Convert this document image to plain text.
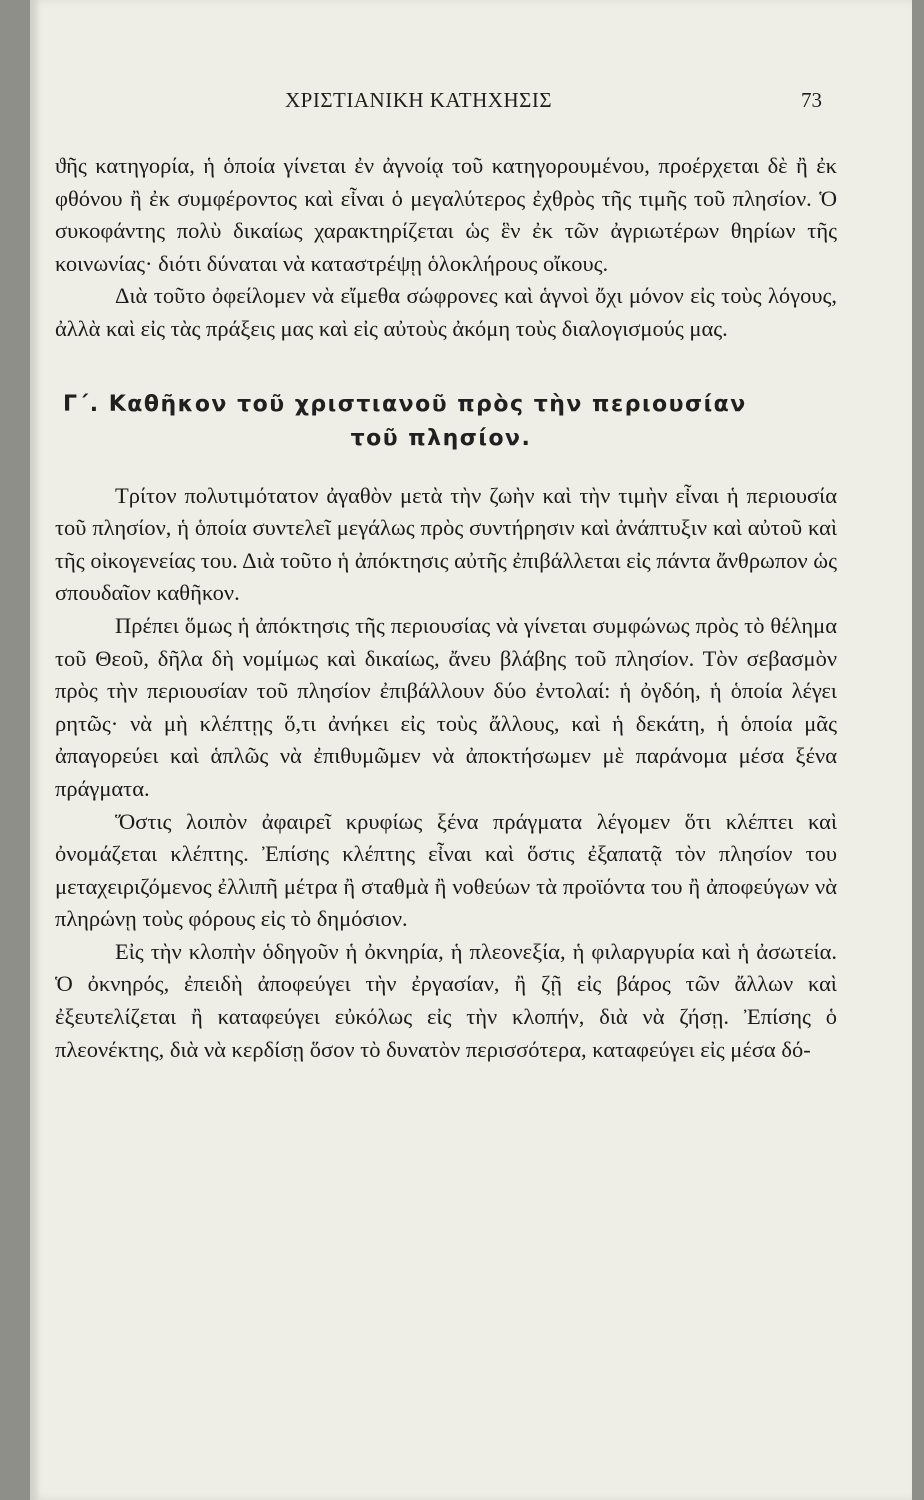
ΧΡΙΣΤΙΑΝΙΚΗ ΚΑΤΗΧΗΣΙΣ	73

ϑῆς κατηγορία, ἡ ὁποία γίνεται ἐν ἀγνοίᾳ τοῦ κατηγορουμένου, προέρχεται δὲ ἢ ἐκ φθόνου ἢ ἐκ συμφέροντος καὶ εἶναι ὁ μεγαλύτερος ἐχθρὸς τῆς τιμῆς τοῦ πλησίον. Ὁ συκοφάντης πολὺ δικαίως χαρακτηρίζεται ὡς ἓν ἐκ τῶν ἀγριωτέρων θηρίων τῆς κοινωνίας· διότι δύναται νὰ καταστρέψῃ ὁλοκλήρους οἴκους.

Διὰ τοῦτο ὀφείλομεν νὰ εἴμεθα σώφρονες καὶ ἁγνοὶ ὄχι μόνον εἰς τοὺς λόγους, ἀλλὰ καὶ εἰς τὰς πράξεις μας καὶ εἰς αὐτοὺς ἀκόμη τοὺς διαλογισμούς μας.

Γ΄. Καθῆκον τοῦ χριστιανοῦ πρὸς τὴν περιουσίαν
τοῦ πλησίον.

Τρίτον πολυτιμότατον ἀγαθὸν μετὰ τὴν ζωὴν καὶ τὴν τιμὴν εἶναι ἡ περιουσία τοῦ πλησίον, ἡ ὁποία συντελεῖ μεγάλως πρὸς συντήρησιν καὶ ἀνάπτυξιν καὶ αὐτοῦ καὶ τῆς οἰκογενείας του. Διὰ τοῦτο ἡ ἀπόκτησις αὐτῆς ἐπιβάλλεται εἰς πάντα ἄνθρωπον ὡς σπουδαῖον καθῆκον.

Πρέπει ὅμως ἡ ἀπόκτησις τῆς περιουσίας νὰ γίνεται συμφώνως πρὸς τὸ θέλημα τοῦ Θεοῦ, δῆλα δὴ νομίμως καὶ δικαίως, ἄνευ βλάβης τοῦ πλησίον. Τὸν σεβασμὸν πρὸς τὴν περιουσίαν τοῦ πλησίον ἐπιβάλλουν δύο ἐντολαί: ἡ ὀγδόη, ἡ ὁποία λέγει ρητῶς· νὰ μὴ κλέπτῃς ὅ,τι ἀνήκει εἰς τοὺς ἄλλους, καὶ ἡ δεκάτη, ἡ ὁποία μᾶς ἀπαγορεύει καὶ ἁπλῶς νὰ ἐπιθυμῶμεν νὰ ἀποκτήσωμεν μὲ παράνομα μέσα ξένα πράγματα.

Ὅστις λοιπὸν ἀφαιρεῖ κρυφίως ξένα πράγματα λέγομεν ὅτι κλέπτει καὶ ὀνομάζεται κλέπτης. Ἐπίσης κλέπτης εἶναι καὶ ὅστις ἐξαπατᾷ τὸν πλησίον του μεταχειριζόμενος ἐλλιπῆ μέτρα ἢ σταθμὰ ἢ νοθεύων τὰ προϊόντα του ἢ ἀποφεύγων νὰ πληρώνῃ τοὺς φόρους εἰς τὸ δημόσιον.

Εἰς τὴν κλοπὴν ὁδηγοῦν ἡ ὀκνηρία, ἡ πλεονεξία, ἡ φιλαργυρία καὶ ἡ ἀσωτεία. Ὁ ὀκνηρός, ἐπειδὴ ἀποφεύγει τὴν ἐργασίαν, ἢ ζῇ εἰς βάρος τῶν ἄλλων καὶ ἐξευτελίζεται ἢ καταφεύγει εὐκόλως εἰς τὴν κλοπήν, διὰ νὰ ζήσῃ. Ἐπίσης ὁ πλεονέκτης, διὰ νὰ κερδίσῃ ὅσον τὸ δυνατὸν περισσότερα, καταφεύγει εἰς μέσα δό-
